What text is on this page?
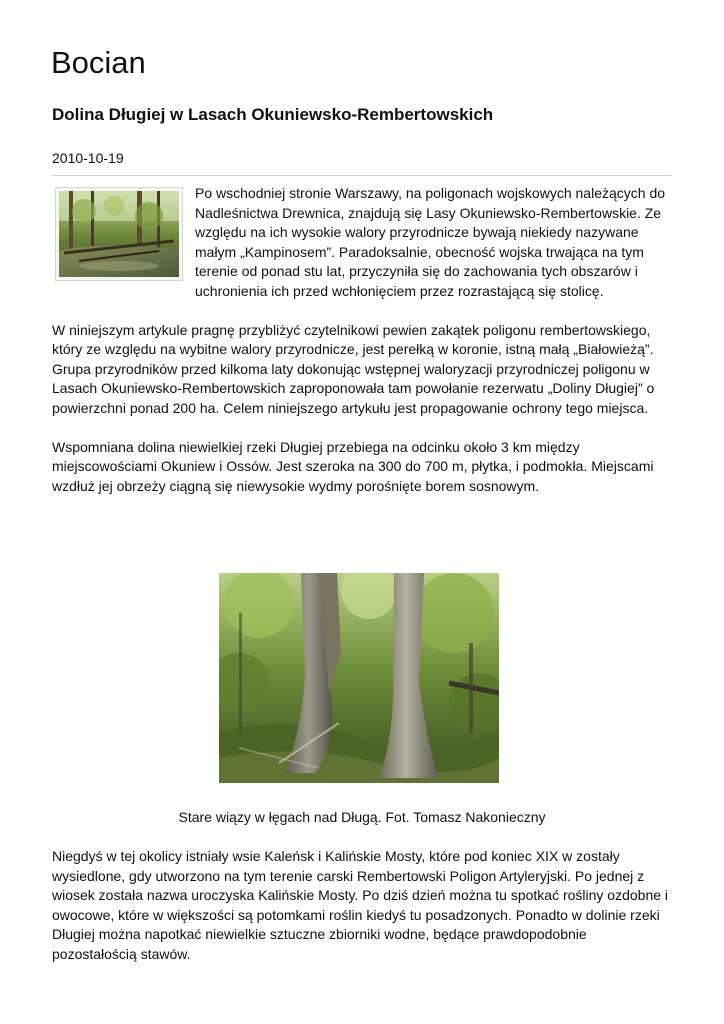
Bocian
Dolina Długiej w Lasach Okuniewsko-Rembertowskich
2010-10-19

Po wschodniej stronie Warszawy, na poligonach wojskowych należących do Nadleśnictwa Drewnica, znajdują się Lasy Okuniewsko-Rembertowskie. Ze względu na ich wysokie walory przyrodnicze bywają niekiedy nazywane małym „Kampinosem”. Paradoksalnie, obecność wojska trwająca na tym terenie od ponad stu lat, przyczyniła się do zachowania tych obszarów i uchronienia ich przed wchłonięciem przez rozrastającą się stolicę.

W niniejszym artykule pragnę przybliżyć czytelnikowi pewien zakątek poligonu rembertowskiego, który ze względu na wybitne walory przyrodnicze, jest perełką w koronie, istną małą „Białowieżą”. Grupa przyrodników przed kilkoma laty dokonując wstępnej waloryzacji przyrodniczej poligonu w Lasach Okuniewsko-Rembertowskich zaproponowała tam powołanie rezerwatu „Doliny Długiej” o powierzchni ponad 200 ha. Celem niniejszego artykułu jest propagowanie ochrony tego miejsca.

Wspomniana dolina niewielkiej rzeki Długiej przebiega na odcinku około 3 km między miejscowościami Okuniew i Ossów. Jest szeroka na 300 do 700 m, płytka, i podmokła. Miejscami wzdłuż jej obrzeży ciągną się niewysokie wydmy porośnięte borem sosnowym.

Stare wiązy w łęgach nad Długą. Fot. Tomasz Nakonieczny

Niegdyś w tej okolicy istniały wsie Kaleńsk i Kalińskie Mosty, które pod koniec XIX w zostały wysiedlone, gdy utworzono na tym terenie carski Rembertowski Poligon Artyleryjski. Po jednej z wiosek została nazwa uroczyska Kalińskie Mosty. Po dziś dzień można tu spotkać rośliny ozdobne i owocowe, które w większości są potomkami roślin kiedyś tu posadzonych. Ponadto w dolinie rzeki Długiej można napotkać niewielkie sztuczne zbiorniki wodne, będące prawdopodobnie pozostałością stawów.
